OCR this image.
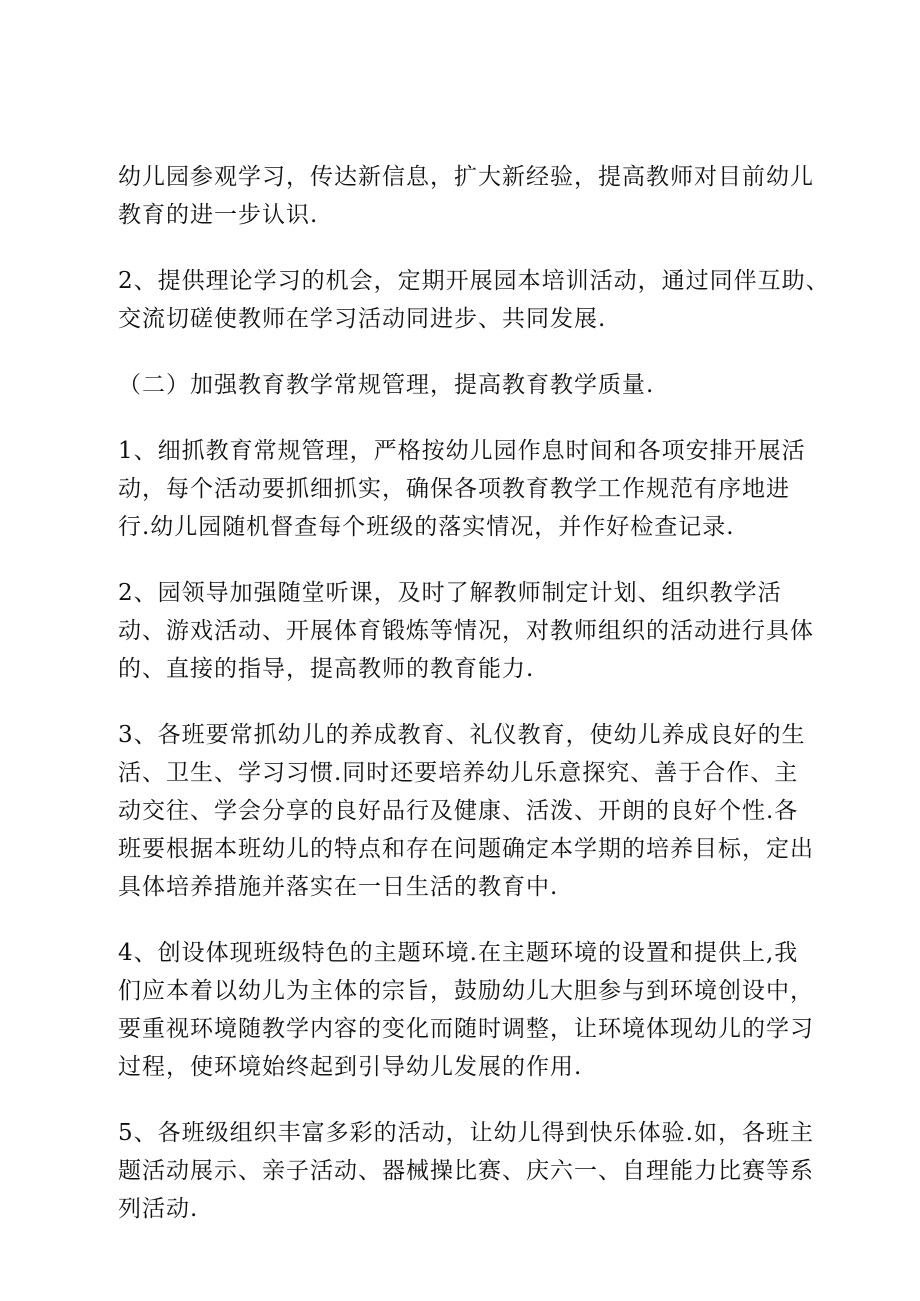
幼儿园参观学习，传达新信息，扩大新经验，提高教师对目前幼儿
教育的进一步认识.

2、提供理论学习的机会，定期开展园本培训活动，通过同伴互助、
交流切磋使教师在学习活动同进步、共同发展.

（二）加强教育教学常规管理，提高教育教学质量.

1、细抓教育常规管理，严格按幼儿园作息时间和各项安排开展活
动，每个活动要抓细抓实，确保各项教育教学工作规范有序地进
行.幼儿园随机督查每个班级的落实情况，并作好检查记录.

2、园领导加强随堂听课，及时了解教师制定计划、组织教学活
动、游戏活动、开展体育锻炼等情况，对教师组织的活动进行具体
的、直接的指导，提高教师的教育能力.

3、各班要常抓幼儿的养成教育、礼仪教育，使幼儿养成良好的生
活、卫生、学习习惯.同时还要培养幼儿乐意探究、善于合作、主
动交往、学会分享的良好品行及健康、活泼、开朗的良好个性.各
班要根据本班幼儿的特点和存在问题确定本学期的培养目标，定出
具体培养措施并落实在一日生活的教育中.

4、创设体现班级特色的主题环境.在主题环境的设置和提供上,我
们应本着以幼儿为主体的宗旨，鼓励幼儿大胆参与到环境创设中，
要重视环境随教学内容的变化而随时调整，让环境体现幼儿的学习
过程，使环境始终起到引导幼儿发展的作用.

5、各班级组织丰富多彩的活动，让幼儿得到快乐体验.如，各班主
题活动展示、亲子活动、器械操比赛、庆六一、自理能力比赛等系
列活动.
